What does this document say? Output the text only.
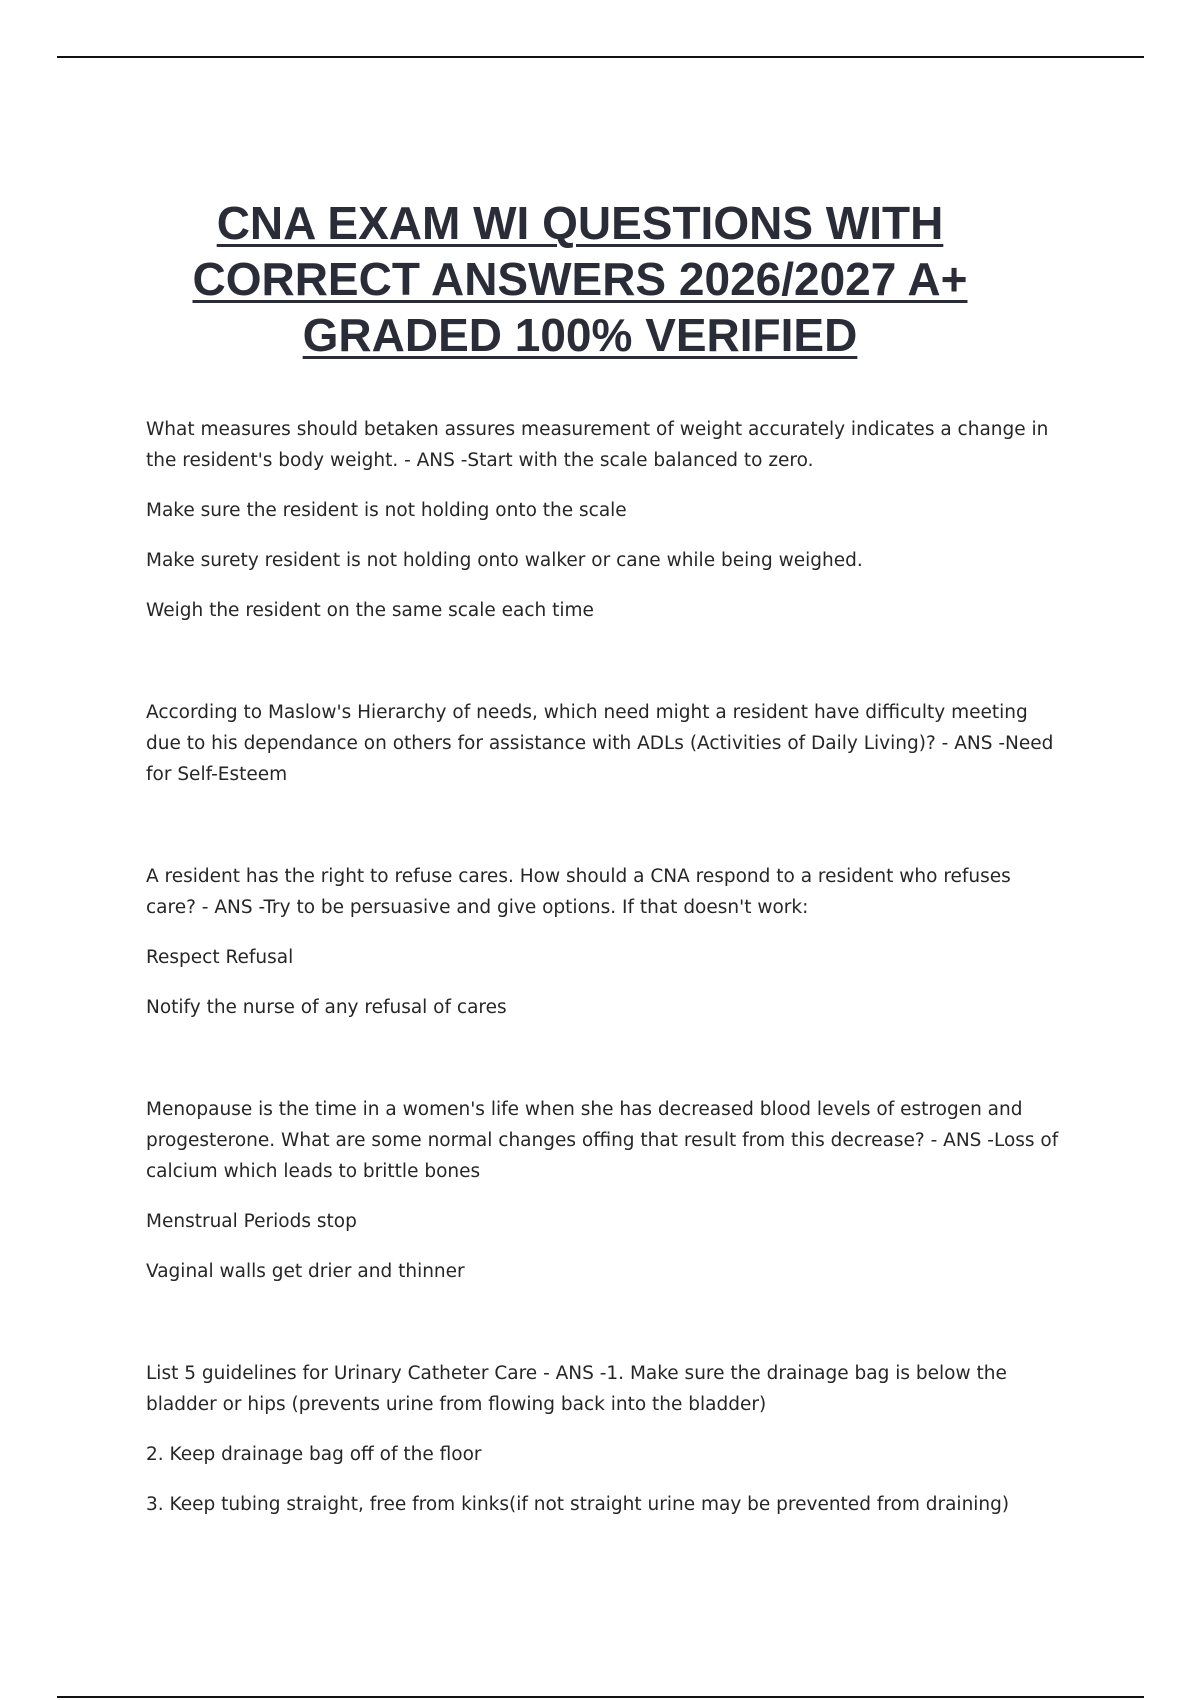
CNA EXAM WI QUESTIONS WITH CORRECT ANSWERS 2026/2027 A+ GRADED 100% VERIFIED

What measures should betaken assures measurement of weight accurately indicates a change in the resident's body weight. - ANS -Start with the scale balanced to zero.

Make sure the resident is not holding onto the scale

Make surety resident is not holding onto walker or cane while being weighed.

Weigh the resident on the same scale each time

According to Maslow's Hierarchy of needs, which need might a resident have difficulty meeting due to his dependance on others for assistance with ADLs (Activities of Daily Living)? - ANS -Need for Self-Esteem

A resident has the right to refuse cares. How should a CNA respond to a resident who refuses care? - ANS -Try to be persuasive and give options. If that doesn't work:

Respect Refusal

Notify the nurse of any refusal of cares

Menopause is the time in a women's life when she has decreased blood levels of estrogen and progesterone. What are some normal changes offing that result from this decrease? - ANS -Loss of calcium which leads to brittle bones

Menstrual Periods stop

Vaginal walls get drier and thinner

List 5 guidelines for Urinary Catheter Care - ANS -1. Make sure the drainage bag is below the bladder or hips (prevents urine from flowing back into the bladder)

2. Keep drainage bag off of the floor

3. Keep tubing straight, free from kinks(if not straight urine may be prevented from draining)
